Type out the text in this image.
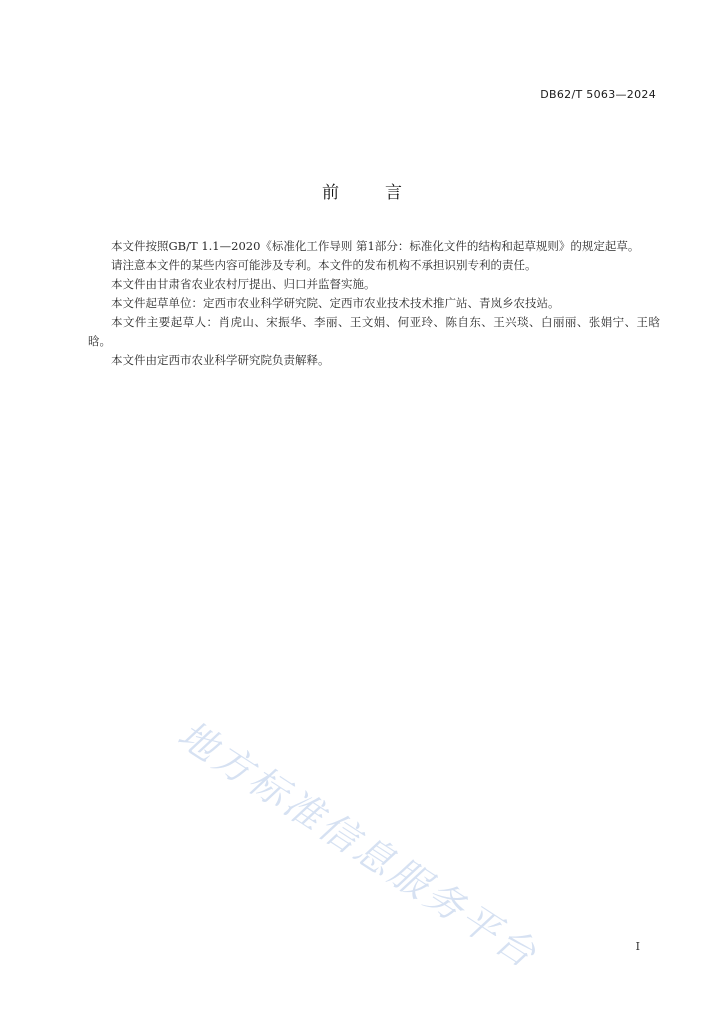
DB62/T 5063—2024
前	言

本文件按照GB/T 1.1—2020《标准化工作导则 第1部分：标准化文件的结构和起草规则》的规定起草。

请注意本文件的某些内容可能涉及专利。本文件的发布机构不承担识别专利的责任。

本文件由甘肃省农业农村厅提出、归口并监督实施。

本文件起草单位：定西市农业科学研究院、定西市农业技术技术推广站、青岚乡农技站。

本文件主要起草人：肖虎山、宋振华、李丽、王文娟、何亚玲、陈自东、王兴琰、白丽丽、张娟宁、王晗晗。

本文件由定西市农业科学研究院负责解释。

地方标准信息服务平台	I
